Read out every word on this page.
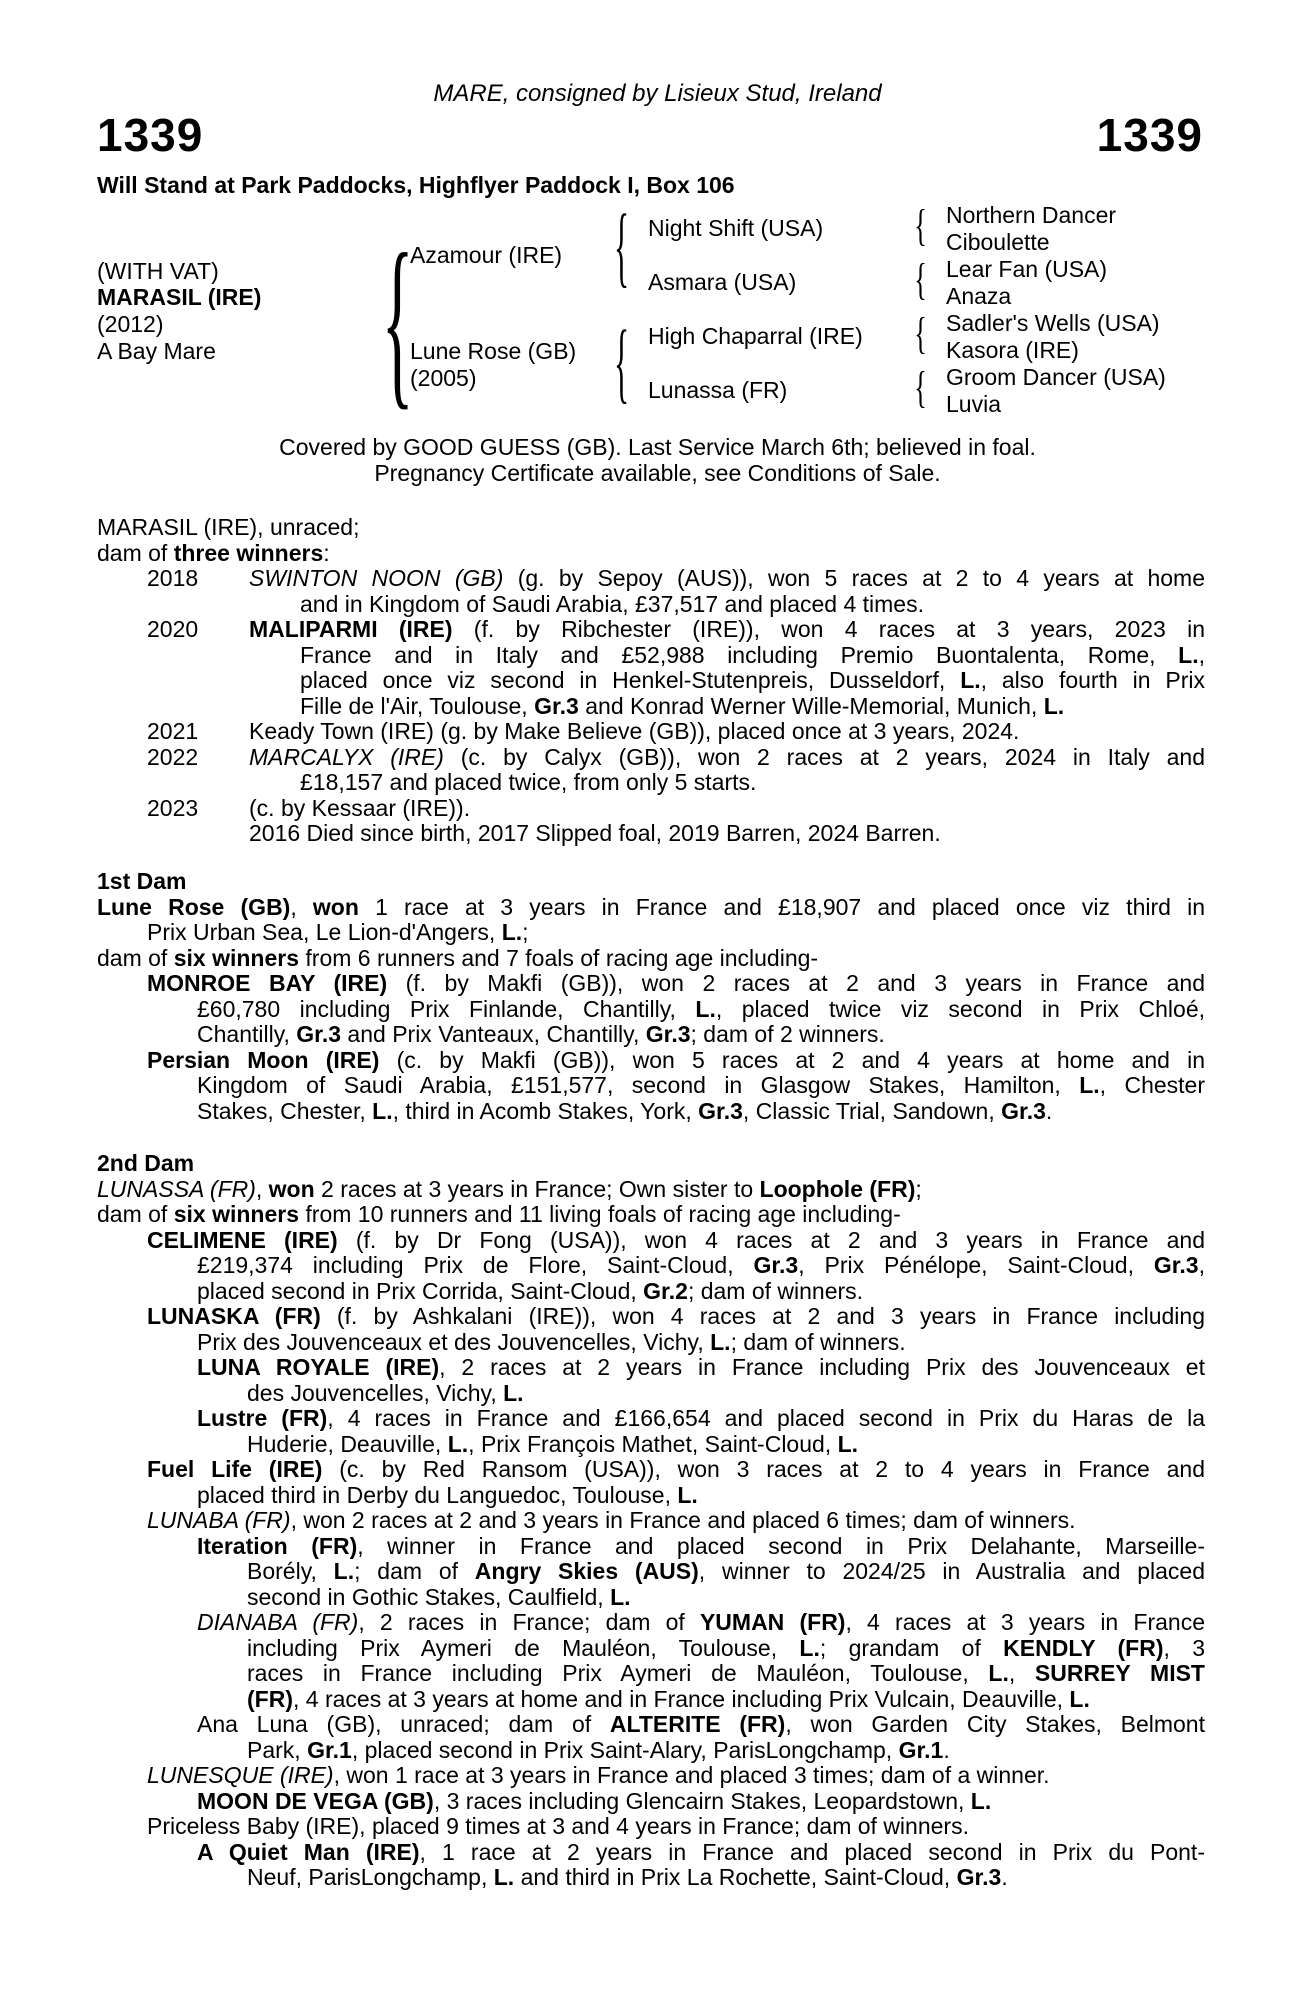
1339	1339
MARE, consigned by Lisieux Stud, Ireland
Will Stand at Park Paddocks, Highflyer Paddock I, Box 106
(WITH VAT)
MARASIL (IRE)
(2012)
A Bay Mare {
Azamour (IRE)
Lune Rose (GB)
(2005)
{
{
Night Shift (USA)
Asmara (USA)
High Chaparral (IRE)
Lunassa (FR)
{
{
{
{
Northern Dancer
Ciboulette
Lear Fan (USA)
Anaza
Sadler's Wells (USA)
Kasora (IRE)
Groom Dancer (USA)
Luvia
Covered by GOOD GUESS (GB). Last Service March 6th; believed in foal.
Pregnancy Certificate available, see Conditions of Sale.
MARASIL (IRE), unraced;
dam of three winners:
2018 SWINTON NOON (GB) (g. by Sepoy (AUS)), won 5 races at 2 to 4 years at home
and in Kingdom of Saudi Arabia, £37,517 and placed 4 times.
2020 MALIPARMI (IRE) (f. by Ribchester (IRE)), won 4 races at 3 years, 2023 in
France and in Italy and £52,988 including Premio Buontalenta, Rome, L.,
placed once viz second in Henkel-Stutenpreis, Dusseldorf, L., also fourth in Prix
Fille de l'Air, Toulouse, Gr.3 and Konrad Werner Wille-Memorial, Munich, L.
2021 Keady Town (IRE) (g. by Make Believe (GB)), placed once at 3 years, 2024.
2022 MARCALYX (IRE) (c. by Calyx (GB)), won 2 races at 2 years, 2024 in Italy and
£18,157 and placed twice, from only 5 starts.
2023 (c. by Kessaar (IRE)).
2016 Died since birth, 2017 Slipped foal, 2019 Barren, 2024 Barren.
1st Dam
Lune Rose (GB), won 1 race at 3 years in France and £18,907 and placed once viz third in
Prix Urban Sea, Le Lion-d'Angers, L.;
dam of six winners from 6 runners and 7 foals of racing age including-
MONROE BAY (IRE) (f. by Makfi (GB)), won 2 races at 2 and 3 years in France and
£60,780 including Prix Finlande, Chantilly, L., placed twice viz second in Prix Chloé,
Chantilly, Gr.3 and Prix Vanteaux, Chantilly, Gr.3; dam of 2 winners.
Persian Moon (IRE) (c. by Makfi (GB)), won 5 races at 2 and 4 years at home and in
Kingdom of Saudi Arabia, £151,577, second in Glasgow Stakes, Hamilton, L., Chester
Stakes, Chester, L., third in Acomb Stakes, York, Gr.3, Classic Trial, Sandown, Gr.3.
2nd Dam
LUNASSA (FR), won 2 races at 3 years in France; Own sister to Loophole (FR);
dam of six winners from 10 runners and 11 living foals of racing age including-
CELIMENE (IRE) (f. by Dr Fong (USA)), won 4 races at 2 and 3 years in France and
£219,374 including Prix de Flore, Saint-Cloud, Gr.3, Prix Pénélope, Saint-Cloud, Gr.3,
placed second in Prix Corrida, Saint-Cloud, Gr.2; dam of winners.
LUNASKA (FR) (f. by Ashkalani (IRE)), won 4 races at 2 and 3 years in France including
Prix des Jouvenceaux et des Jouvencelles, Vichy, L.; dam of winners.
LUNA ROYALE (IRE), 2 races at 2 years in France including Prix des Jouvenceaux et
des Jouvencelles, Vichy, L.
Lustre (FR), 4 races in France and £166,654 and placed second in Prix du Haras de la
Huderie, Deauville, L., Prix François Mathet, Saint-Cloud, L.
Fuel Life (IRE) (c. by Red Ransom (USA)), won 3 races at 2 to 4 years in France and
placed third in Derby du Languedoc, Toulouse, L.
LUNABA (FR), won 2 races at 2 and 3 years in France and placed 6 times; dam of winners.
Iteration (FR), winner in France and placed second in Prix Delahante, Marseille-
Borély, L.; dam of Angry Skies (AUS), winner to 2024/25 in Australia and placed
second in Gothic Stakes, Caulfield, L.
DIANABA (FR), 2 races in France; dam of YUMAN (FR), 4 races at 3 years in France
including Prix Aymeri de Mauléon, Toulouse, L.; grandam of KENDLY (FR), 3
races in France including Prix Aymeri de Mauléon, Toulouse, L., SURREY MIST
(FR), 4 races at 3 years at home and in France including Prix Vulcain, Deauville, L.
Ana Luna (GB), unraced; dam of ALTERITE (FR), won Garden City Stakes, Belmont
Park, Gr.1, placed second in Prix Saint-Alary, ParisLongchamp, Gr.1.
LUNESQUE (IRE), won 1 race at 3 years in France and placed 3 times; dam of a winner.
MOON DE VEGA (GB), 3 races including Glencairn Stakes, Leopardstown, L.
Priceless Baby (IRE), placed 9 times at 3 and 4 years in France; dam of winners.
A Quiet Man (IRE), 1 race at 2 years in France and placed second in Prix du Pont-
Neuf, ParisLongchamp, L. and third in Prix La Rochette, Saint-Cloud, Gr.3.
